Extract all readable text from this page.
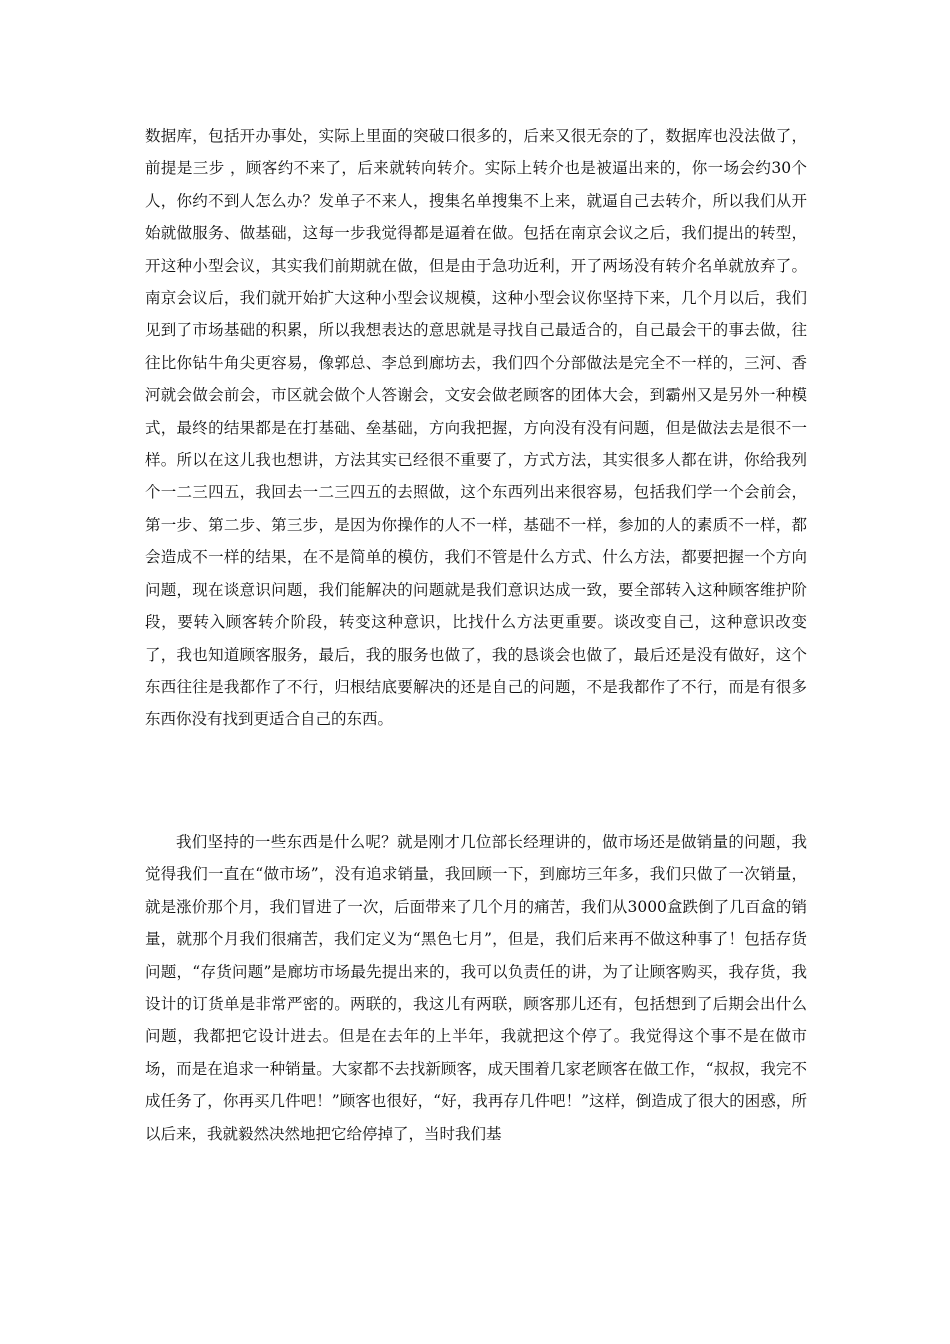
数据库，包括开办事处，实际上里面的突破口很多的，后来又很无奈的了，数据库也没法做了，前提是三步 ，顾客约不来了，后来就转向转介。实际上转介也是被逼出来的，你一场会约30个人，你约不到人怎么办？发单子不来人，搜集名单搜集不上来，就逼自己去转介，所以我们从开始就做服务、做基础，这每一步我觉得都是逼着在做。包括在南京会议之后，我们提出的转型，开这种小型会议，其实我们前期就在做，但是由于急功近利，开了两场没有转介名单就放弃了。南京会议后，我们就开始扩大这种小型会议规模，这种小型会议你坚持下来，几个月以后，我们见到了市场基础的积累，所以我想表达的意思就是寻找自己最适合的，自己最会干的事去做，往往比你钻牛角尖更容易，像郭总、李总到廊坊去，我们四个分部做法是完全不一样的，三河、香河就会做会前会，市区就会做个人答谢会，文安会做老顾客的团体大会，到霸州又是另外一种模式，最终的结果都是在打基础、垒基础，方向我把握，方向没有没有问题，但是做法去是很不一样。所以在这儿我也想讲，方法其实已经很不重要了，方式方法，其实很多人都在讲，你给我列个一二三四五，我回去一二三四五的去照做，这个东西列出来很容易，包括我们学一个会前会，第一步、第二步、第三步，是因为你操作的人不一样，基础不一样，参加的人的素质不一样，都会造成不一样的结果，在不是简单的模仿，我们不管是什么方式、什么方法，都要把握一个方向问题，现在谈意识问题，我们能解决的问题就是我们意识达成一致，要全部转入这种顾客维护阶段，要转入顾客转介阶段，转变这种意识，比找什么方法更重要。谈改变自己，这种意识改变了，我也知道顾客服务，最后，我的服务也做了，我的恳谈会也做了，最后还是没有做好，这个东西往往是我都作了不行，归根结底要解决的还是自己的问题，不是我都作了不行，而是有很多东西你没有找到更适合自己的东西。

我们坚持的一些东西是什么呢？就是刚才几位部长经理讲的，做市场还是做销量的问题，我觉得我们一直在“做市场”，没有追求销量，我回顾一下，到廊坊三年多，我们只做了一次销量，就是涨价那个月，我们冒进了一次，后面带来了几个月的痛苦，我们从3000盒跌倒了几百盒的销量，就那个月我们很痛苦，我们定义为“黑色七月”，但是，我们后来再不做这种事了！包括存货问题，“存货问题”是廊坊市场最先提出来的，我可以负责任的讲，为了让顾客购买，我存货，我设计的订货单是非常严密的。两联的，我这儿有两联，顾客那儿还有，包括想到了后期会出什么问题，我都把它设计进去。但是在去年的上半年，我就把这个停了。我觉得这个事不是在做市场，而是在追求一种销量。大家都不去找新顾客，成天围着几家老顾客在做工作，“叔叔，我完不成任务了，你再买几件吧！”顾客也很好，“好，我再存几件吧！”这样，倒造成了很大的困惑，所以后来，我就毅然决然地把它给停掉了，当时我们基
